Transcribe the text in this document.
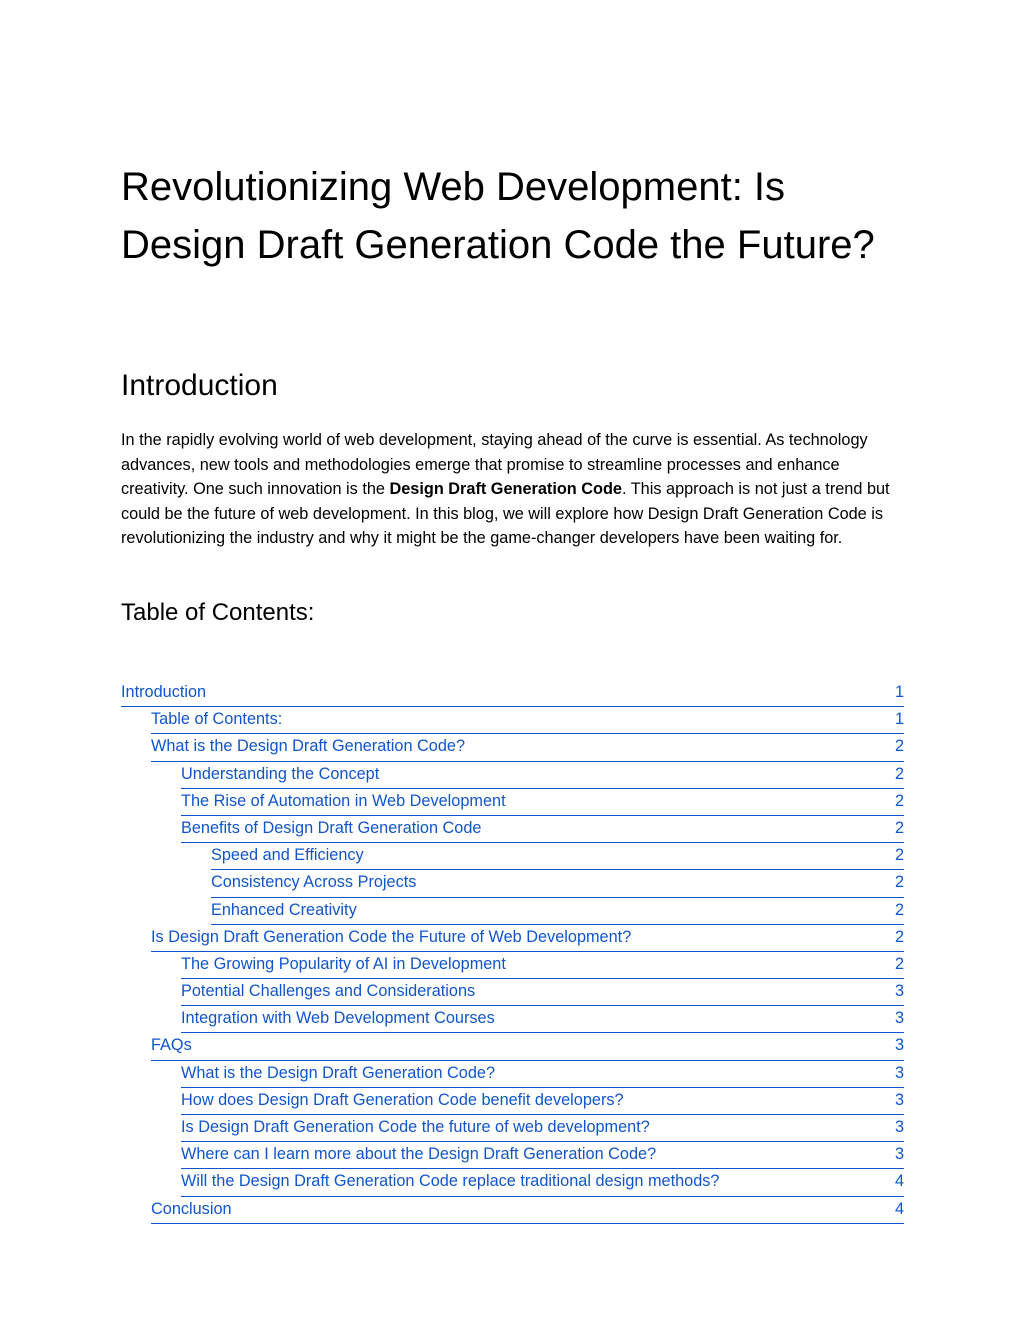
Revolutionizing Web Development: Is Design Draft Generation Code the Future?
Introduction

In the rapidly evolving world of web development, staying ahead of the curve is essential. As technology advances, new tools and methodologies emerge that promise to streamline processes and enhance creativity. One such innovation is the Design Draft Generation Code. This approach is not just a trend but could be the future of web development. In this blog, we will explore how Design Draft Generation Code is revolutionizing the industry and why it might be the game-changer developers have been waiting for.

Table of Contents:
Introduction	1
Table of Contents:	1
What is the Design Draft Generation Code?	2
Understanding the Concept	2
The Rise of Automation in Web Development	2
Benefits of Design Draft Generation Code	2
Speed and Efficiency	2
Consistency Across Projects	2
Enhanced Creativity	2
Is Design Draft Generation Code the Future of Web Development?	2
The Growing Popularity of AI in Development	2
Potential Challenges and Considerations	3
Integration with Web Development Courses	3
FAQs	3
What is the Design Draft Generation Code?	3
How does Design Draft Generation Code benefit developers?	3
Is Design Draft Generation Code the future of web development?	3
Where can I learn more about the Design Draft Generation Code?	3
Will the Design Draft Generation Code replace traditional design methods?	4
Conclusion	4
